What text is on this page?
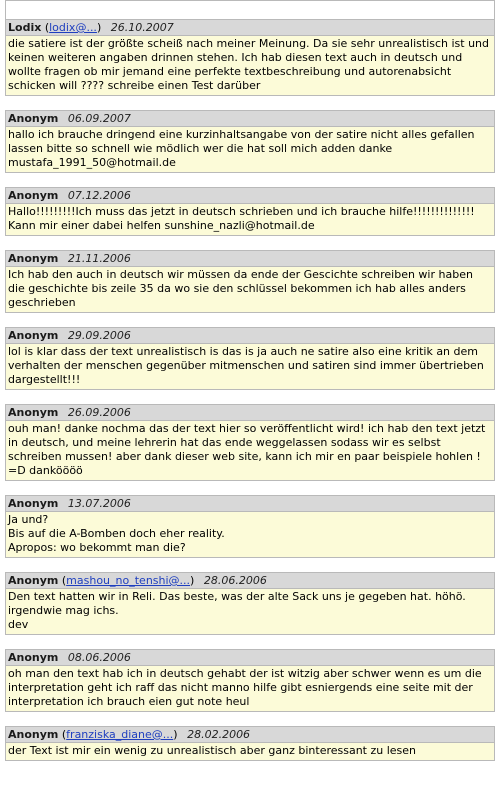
Lodix (lodix@...) 26.10.2007
die satiere ist der größte scheiß nach meiner Meinung. Da sie sehr unrealistisch ist und keinen weiteren angaben drinnen stehen. Ich hab diesen text auch in deutsch und wollte fragen ob mir jemand eine perfekte textbeschreibung und autorenabsicht schicken will ???? schreibe einen Test darüber
Anonym 06.09.2007
hallo ich brauche dringend eine kurzinhaltsangabe von der satire nicht alles gefallen lassen bitte so schnell wie mödlich wer die hat soll mich adden danke mustafa_1991_50@hotmail.de
Anonym 07.12.2006
Hallo!!!!!!!!!Ich muss das jetzt in deutsch schrieben und ich brauche hilfe!!!!!!!!!!!!!! Kann mir einer dabei helfen sunshine_nazli@hotmail.de
Anonym 21.11.2006
Ich hab den auch in deutsch wir müssen da ende der Gescichte schreiben wir haben die geschichte bis zeile 35 da wo sie den schlüssel bekommen ich hab alles anders geschrieben
Anonym 29.09.2006
lol is klar dass der text unrealistisch is das is ja auch ne satire also eine kritik an dem verhalten der menschen gegenüber mitmenschen und satiren sind immer übertrieben dargestellt!!!
Anonym 26.09.2006
ouh man! danke nochma das der text hier so veröffentlicht wird! ich hab den text jetzt in deutsch, und meine lehrerin hat das ende weggelassen sodass wir es selbst schreiben mussen! aber dank dieser web site, kann ich mir en paar beispiele hohlen ! =D danköööö
Anonym 13.07.2006
Ja und?
Bis auf die A-Bomben doch eher reality.
Apropos: wo bekommt man die?
Anonym (mashou_no_tenshi@...) 28.06.2006
Den text hatten wir in Reli. Das beste, was der alte Sack uns je gegeben hat. höhö. irgendwie mag ichs.
dev
Anonym 08.06.2006
oh man den text hab ich in deutsch gehabt der ist witzig aber schwer wenn es um die interpretation geht ich raff das nicht manno hilfe gibt esniergends eine seite mit der interpretation ich brauch eien gut note heul
Anonym (franziska_diane@...) 28.02.2006
der Text ist mir ein wenig zu unrealistisch aber ganz binteressant zu lesen
